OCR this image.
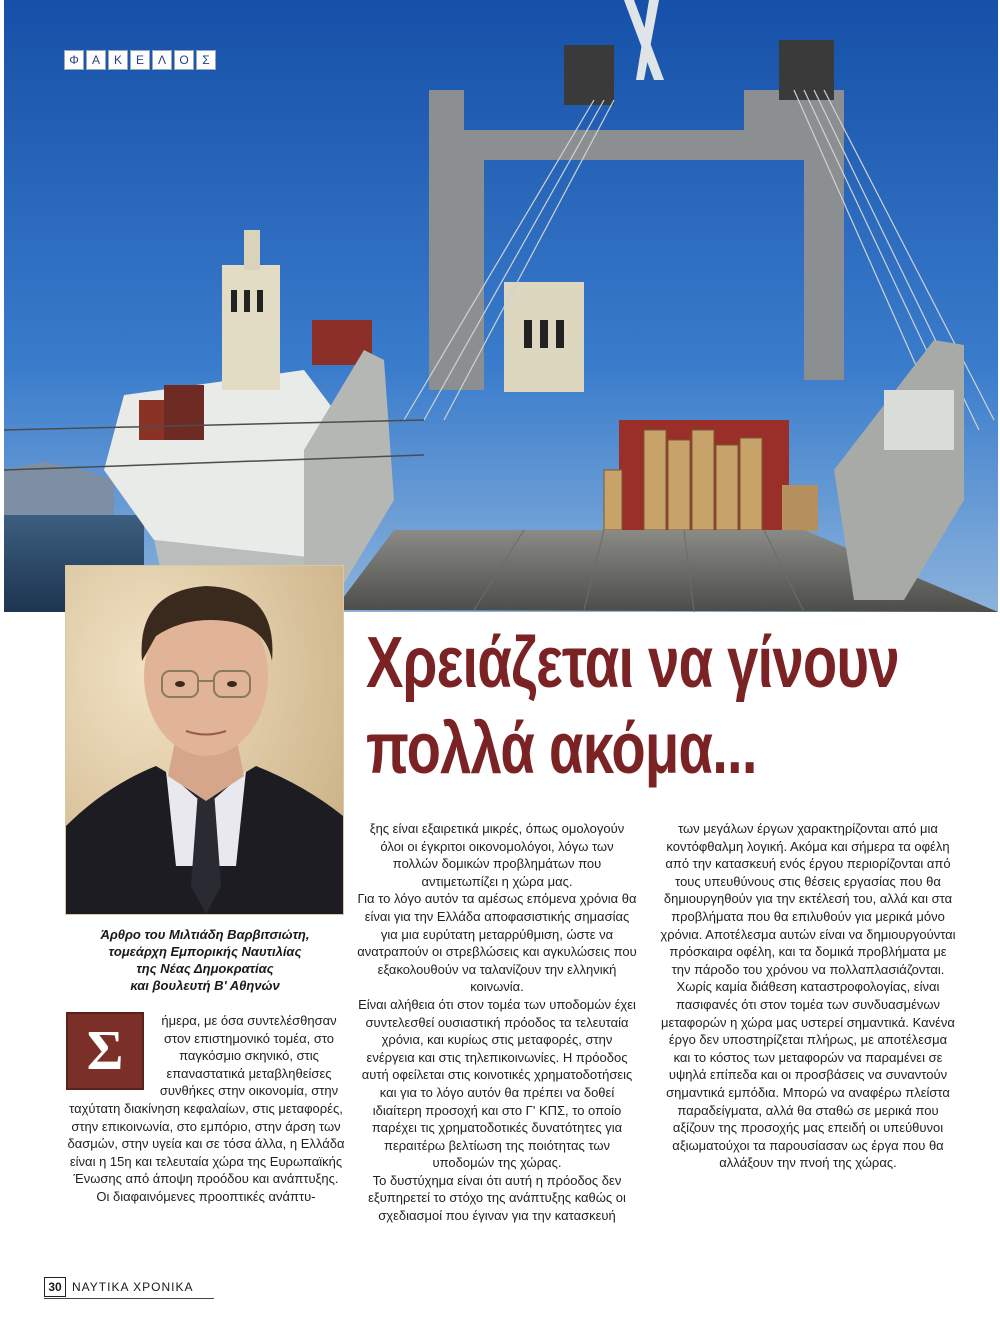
Φ	Α	Κ	Ε	Λ	Ο	Σ
Άρθρο του Μιλτιάδη Βαρβιτσιώτη,
τομεάρχη Εμπορικής Ναυτιλίας
της Νέας Δημοκρατίας
και βουλευτή Β' Αθηνών
Χρειάζεται να γίνουν
πολλά ακόμα...
Σ	ήμερα, με όσα συντελέσθησαν στον επιστημονικό τομέα, στο παγκόσμιο σκηνικό, στις επαναστατικά μεταβληθείσες συνθήκες στην οικονομία, στην ταχύτατη διακίνηση κεφαλαίων, στις μεταφορές, στην επικοινωνία, στο εμπόριο, στην άρση των δασμών, στην υγεία και σε τόσα άλλα, η Ελλάδα είναι η 15η και τελευταία χώρα της Ευρωπαϊκής Ένωσης από άποψη προόδου και ανάπτυξης. Οι διαφαινόμενες προοπτικές ανάπτυ-

ξης είναι εξαιρετικά μικρές, όπως ομολογούν όλοι οι έγκριτοι οικονομολόγοι, λόγω των πολλών δομικών προβλημάτων που αντιμετωπίζει η χώρα μας.

Για το λόγο αυτόν τα αμέσως επόμενα χρόνια θα είναι για την Ελλάδα αποφασιστικής σημασίας για μια ευρύτατη μεταρρύθμιση, ώστε να ανατραπούν οι στρεβλώσεις και αγκυλώσεις που εξακολουθούν να ταλανίζουν την ελληνική κοινωνία.

Είναι αλήθεια ότι στον τομέα των υποδομών έχει συντελεσθεί ουσιαστική πρόοδος τα τελευταία χρόνια, και κυρίως στις μεταφορές, στην ενέργεια και στις τηλεπικοινωνίες. Η πρόοδος αυτή οφείλεται στις κοινοτικές χρηματοδοτήσεις και για το λόγο αυτόν θα πρέπει να δοθεί ιδιαίτερη προσοχή και στο Γ' ΚΠΣ, το οποίο παρέχει τις χρηματοδοτικές δυνατότητες για περαιτέρω βελτίωση της ποιότητας των υποδομών της χώρας.

Το δυστύχημα είναι ότι αυτή η πρόοδος δεν εξυπηρετεί το στόχο της ανάπτυξης καθώς οι σχεδιασμοί που έγιναν για την κατασκευή

των μεγάλων έργων χαρακτηρίζονται από μια κοντόφθαλμη λογική. Ακόμα και σήμερα τα οφέλη από την κατασκευή ενός έργου περιορίζονται από τους υπευθύνους στις θέσεις εργασίας που θα δημιουργηθούν για την εκτέλεσή του, αλλά και στα προβλήματα που θα επιλυθούν για μερικά μόνο χρόνια. Αποτέλεσμα αυτών είναι να δημιουργούνται πρόσκαιρα οφέλη, και τα δομικά προβλήματα με την πάροδο του χρόνου να πολλαπλασιάζονται. Χωρίς καμία διάθεση καταστροφολογίας, είναι πασιφανές ότι στον τομέα των συνδυασμένων μεταφορών η χώρα μας υστερεί σημαντικά. Κανένα έργο δεν υποστηρίζεται πλήρως, με αποτέλεσμα και το κόστος των μεταφορών να παραμένει σε υψηλά επίπεδα και οι προσβάσεις να συναντούν σημαντικά εμπόδια. Μπορώ να αναφέρω πλείστα παραδείγματα, αλλά θα σταθώ σε μερικά που αξίζουν της προσοχής μας επειδή οι υπεύθυνοι αξιωματούχοι τα παρουσίασαν ως έργα που θα αλλάξουν την πνοή της χώρας.

30 ΝΑΥΤΙΚΑ ΧΡΟΝΙΚΑ
